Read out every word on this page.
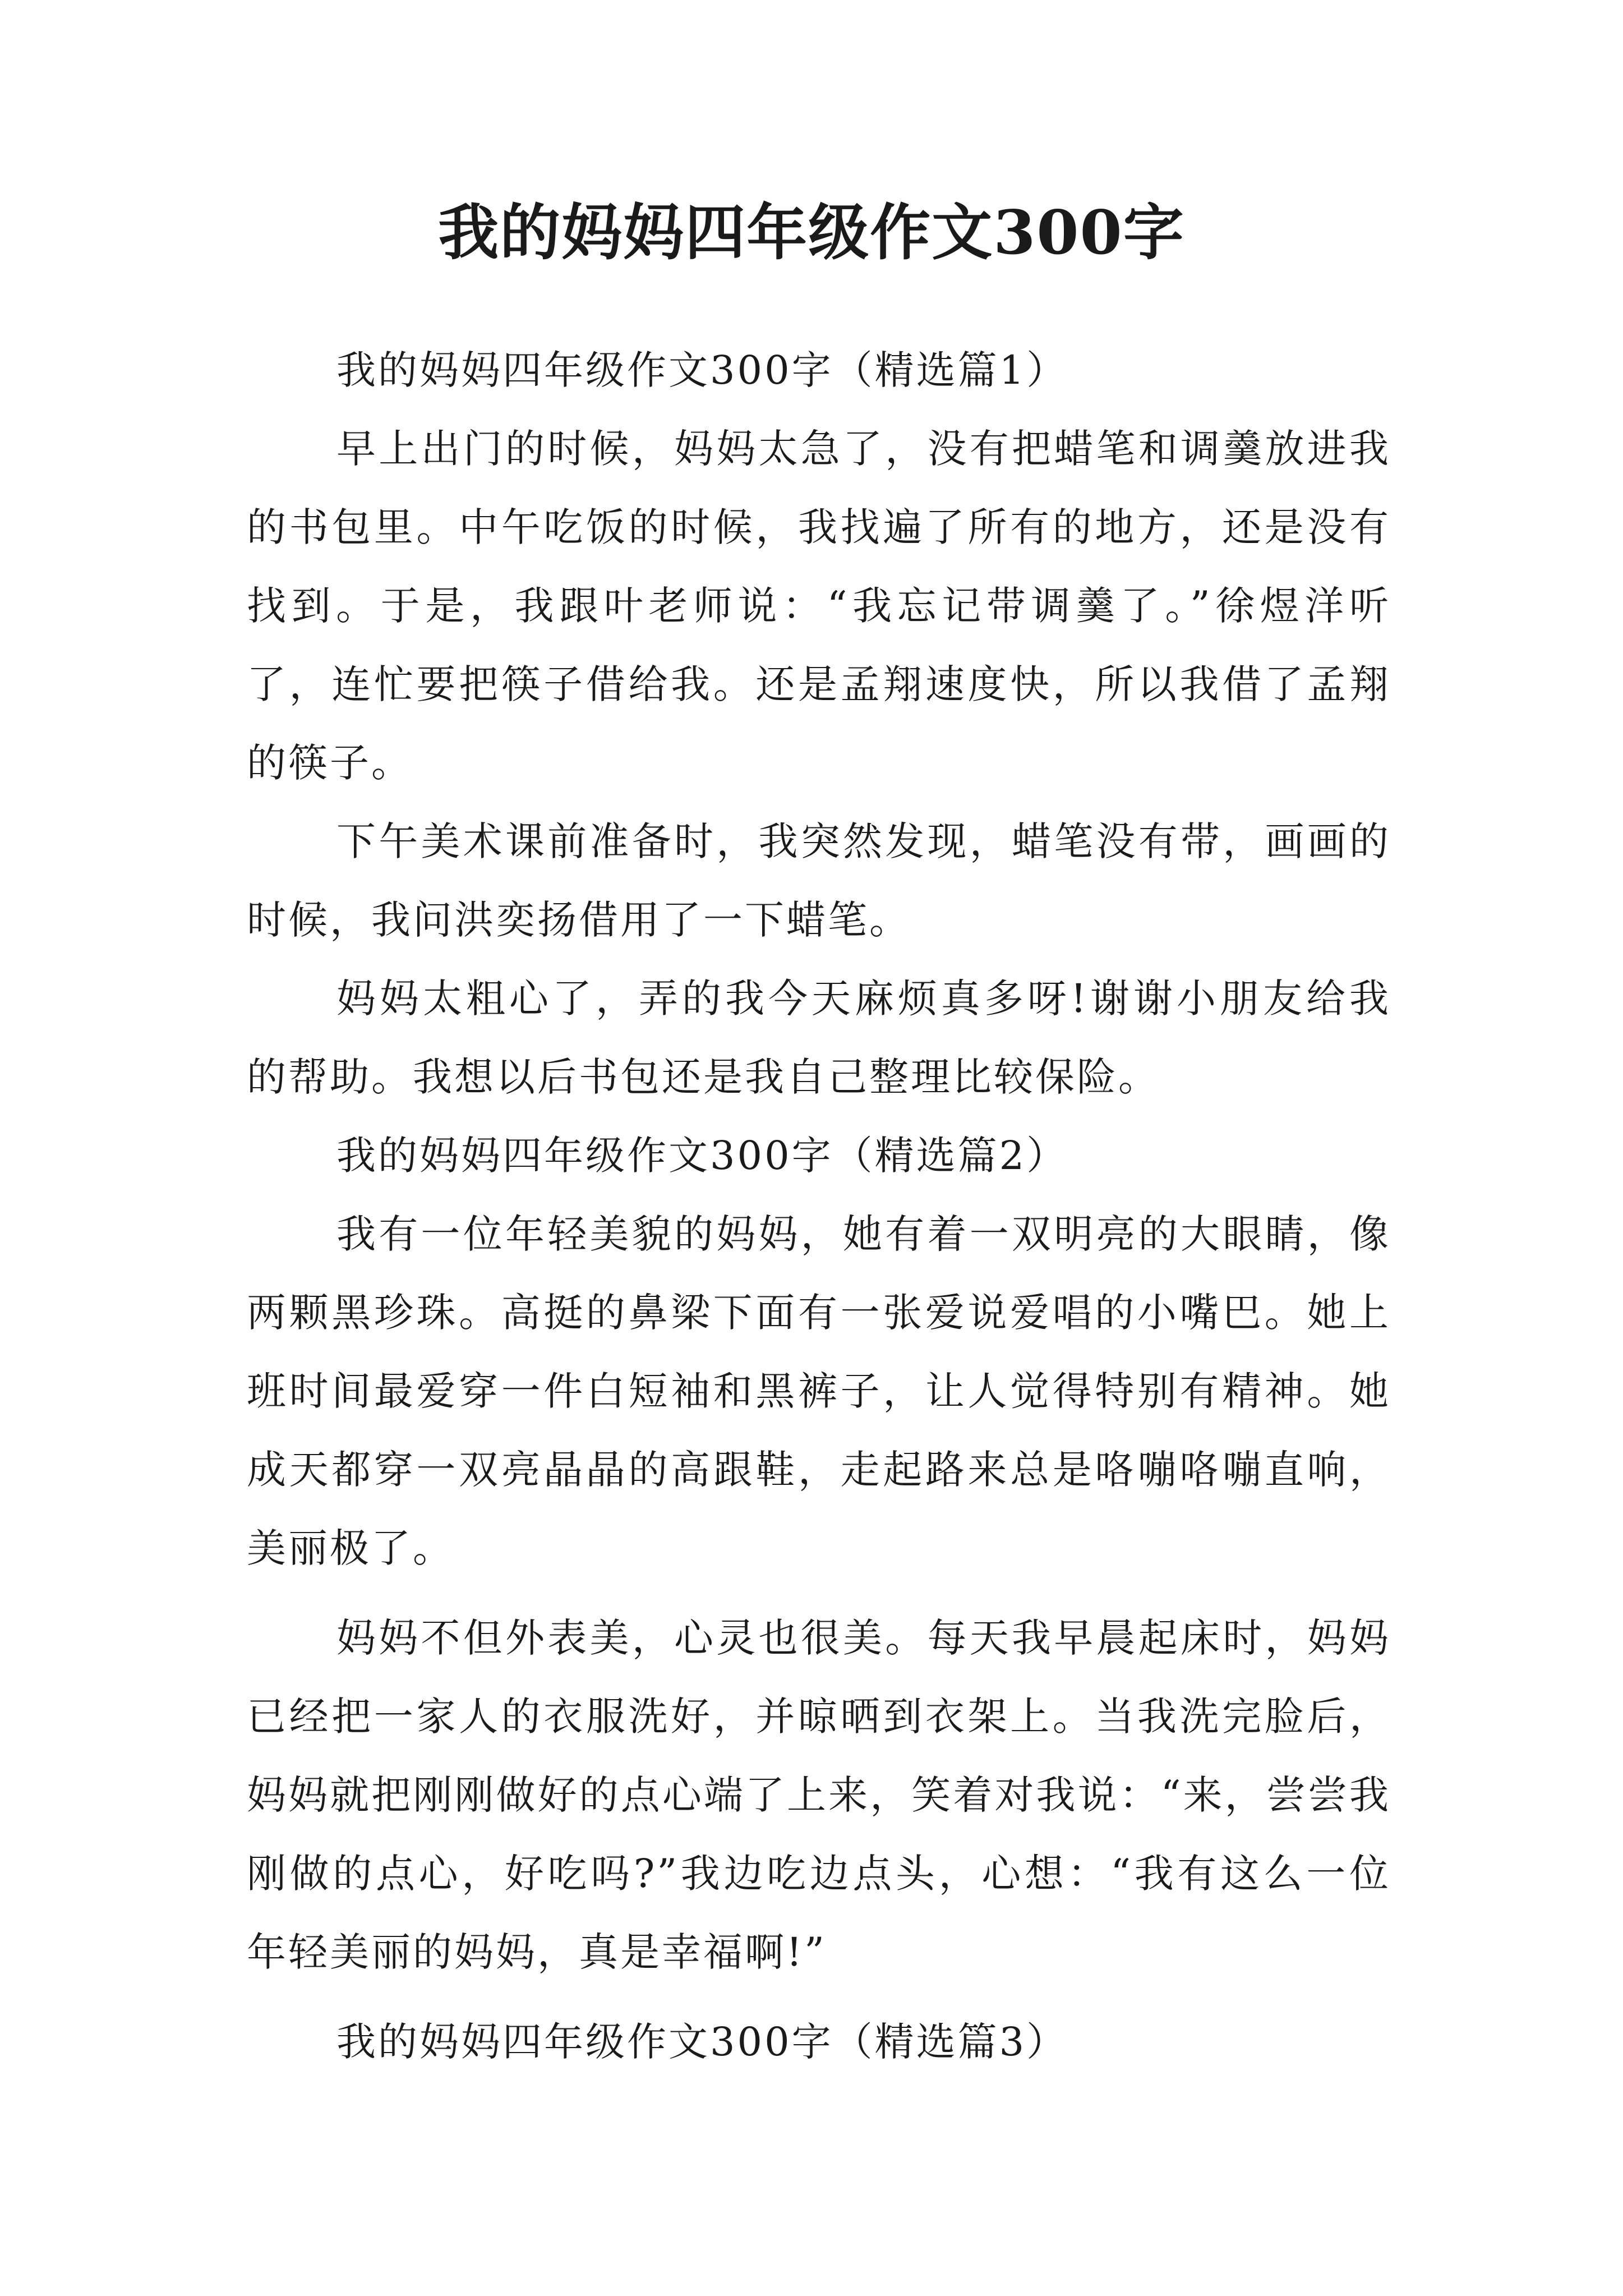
我的妈妈四年级作文300字

我的妈妈四年级作文300字（精选篇1）

早上出门的时候，妈妈太急了，没有把蜡笔和调羹放进我的书包里。中午吃饭的时候，我找遍了所有的地方，还是没有找到。于是，我跟叶老师说：“我忘记带调羹了。”徐煜洋听了，连忙要把筷子借给我。还是孟翔速度快，所以我借了孟翔的筷子。

下午美术课前准备时，我突然发现，蜡笔没有带，画画的时候，我问洪奕扬借用了一下蜡笔。

妈妈太粗心了，弄的我今天麻烦真多呀!谢谢小朋友给我的帮助。我想以后书包还是我自己整理比较保险。

我的妈妈四年级作文300字（精选篇2）

我有一位年轻美貌的妈妈，她有着一双明亮的大眼睛，像两颗黑珍珠。高挺的鼻梁下面有一张爱说爱唱的小嘴巴。她上班时间最爱穿一件白短袖和黑裤子，让人觉得特别有精神。她成天都穿一双亮晶晶的高跟鞋，走起路来总是咯嘣咯嘣直响，美丽极了。

妈妈不但外表美，心灵也很美。每天我早晨起床时，妈妈已经把一家人的衣服洗好，并晾晒到衣架上。当我洗完脸后，妈妈就把刚刚做好的点心端了上来，笑着对我说：“来，尝尝我刚做的点心，好吃吗?”我边吃边点头，心想：“我有这么一位年轻美丽的妈妈，真是幸福啊!”

我的妈妈四年级作文300字（精选篇3）
